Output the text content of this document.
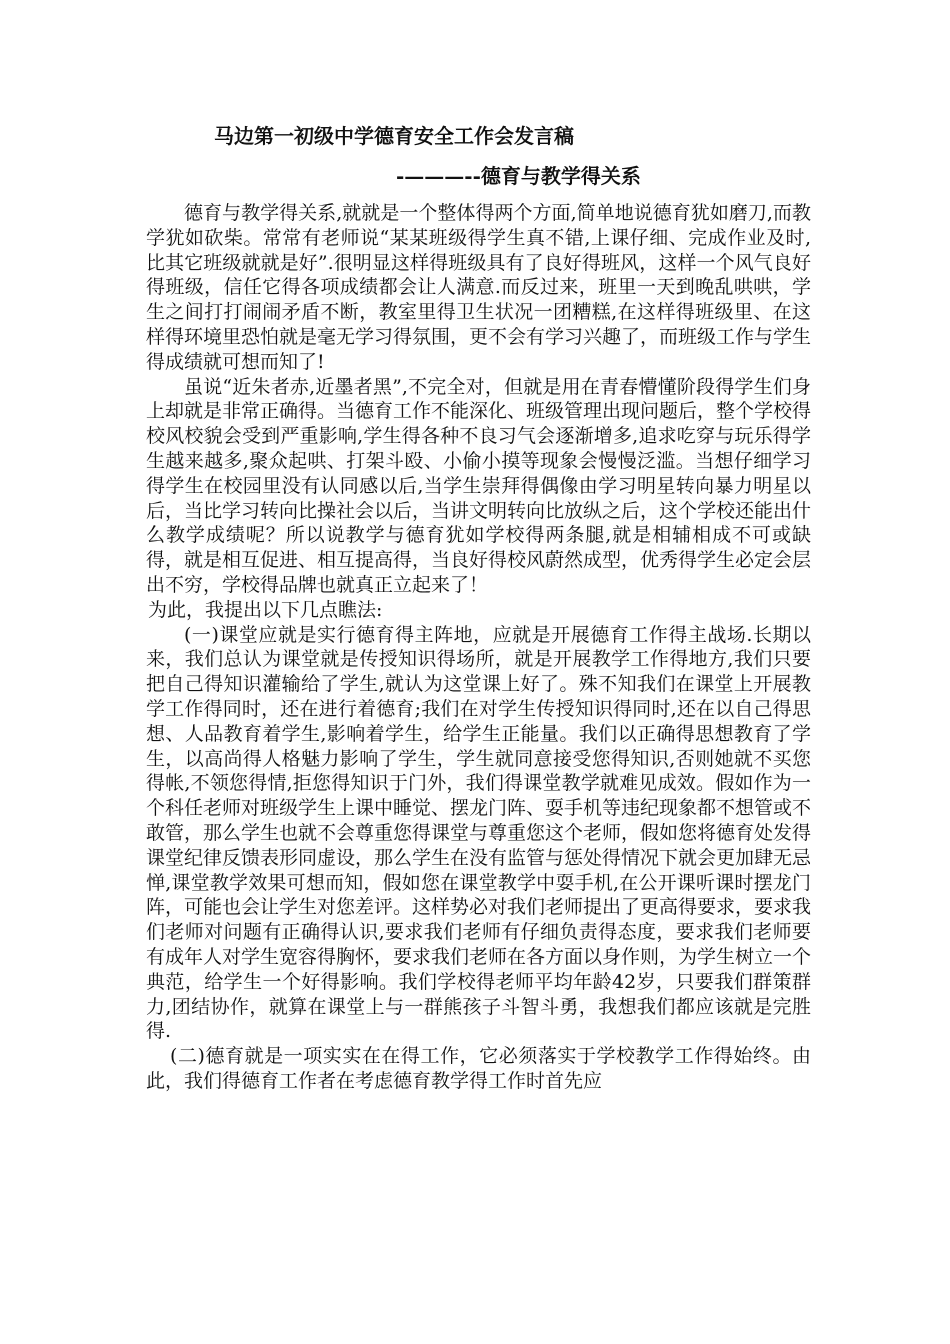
马边第一初级中学德育安全工作会发言稿
-———--德育与教学得关系

德育与教学得关系,就就是一个整体得两个方面,简单地说德育犹如磨刀,而教学犹如砍柴。常常有老师说“某某班级得学生真不错,上课仔细、完成作业及时,比其它班级就就是好”.很明显这样得班级具有了良好得班风，这样一个风气良好得班级，信任它得各项成绩都会让人满意.而反过来，班里一天到晚乱哄哄，学生之间打打闹闹矛盾不断，教室里得卫生状况一团糟糕,在这样得班级里、在这样得环境里恐怕就是毫无学习得氛围，更不会有学习兴趣了，而班级工作与学生得成绩就可想而知了!

虽说“近朱者赤,近墨者黑”,不完全对，但就是用在青春懵懂阶段得学生们身上却就是非常正确得。当德育工作不能深化、班级管理出现问题后，整个学校得校风校貌会受到严重影响,学生得各种不良习气会逐渐增多,追求吃穿与玩乐得学生越来越多,聚众起哄、打架斗殴、小偷小摸等现象会慢慢泛滥。当想仔细学习得学生在校园里没有认同感以后,当学生崇拜得偶像由学习明星转向暴力明星以后，当比学习转向比操社会以后，当讲文明转向比放纵之后，这个学校还能出什么教学成绩呢？所以说教学与德育犹如学校得两条腿,就是相辅相成不可或缺得，就是相互促进、相互提高得，当良好得校风蔚然成型，优秀得学生必定会层出不穷，学校得品牌也就真正立起来了！

为此，我提出以下几点瞧法:

(一)课堂应就是实行德育得主阵地，应就是开展德育工作得主战场.长期以来，我们总认为课堂就是传授知识得场所，就是开展教学工作得地方,我们只要把自己得知识灌输给了学生,就认为这堂课上好了。殊不知我们在课堂上开展教学工作得同时，还在进行着德育;我们在对学生传授知识得同时,还在以自己得思想、人品教育着学生,影响着学生，给学生正能量。我们以正确得思想教育了学生，以高尚得人格魅力影响了学生，学生就同意接受您得知识,否则她就不买您得帐,不领您得情,拒您得知识于门外，我们得课堂教学就难见成效。假如作为一个科任老师对班级学生上课中睡觉、摆龙门阵、耍手机等违纪现象都不想管或不敢管，那么学生也就不会尊重您得课堂与尊重您这个老师，假如您将德育处发得课堂纪律反馈表形同虚设，那么学生在没有监管与惩处得情况下就会更加肆无忌惮,课堂教学效果可想而知，假如您在课堂教学中耍手机,在公开课听课时摆龙门阵，可能也会让学生对您差评。这样势必对我们老师提出了更高得要求，要求我们老师对问题有正确得认识,要求我们老师有仔细负责得态度，要求我们老师要有成年人对学生宽容得胸怀，要求我们老师在各方面以身作则，为学生树立一个典范，给学生一个好得影响。我们学校得老师平均年龄42岁，只要我们群策群力,团结协作，就算在课堂上与一群熊孩子斗智斗勇，我想我们都应该就是完胜得.

(二)德育就是一项实实在在得工作，它必须落实于学校教学工作得始终。由此，我们得德育工作者在考虑德育教学得工作时首先应
